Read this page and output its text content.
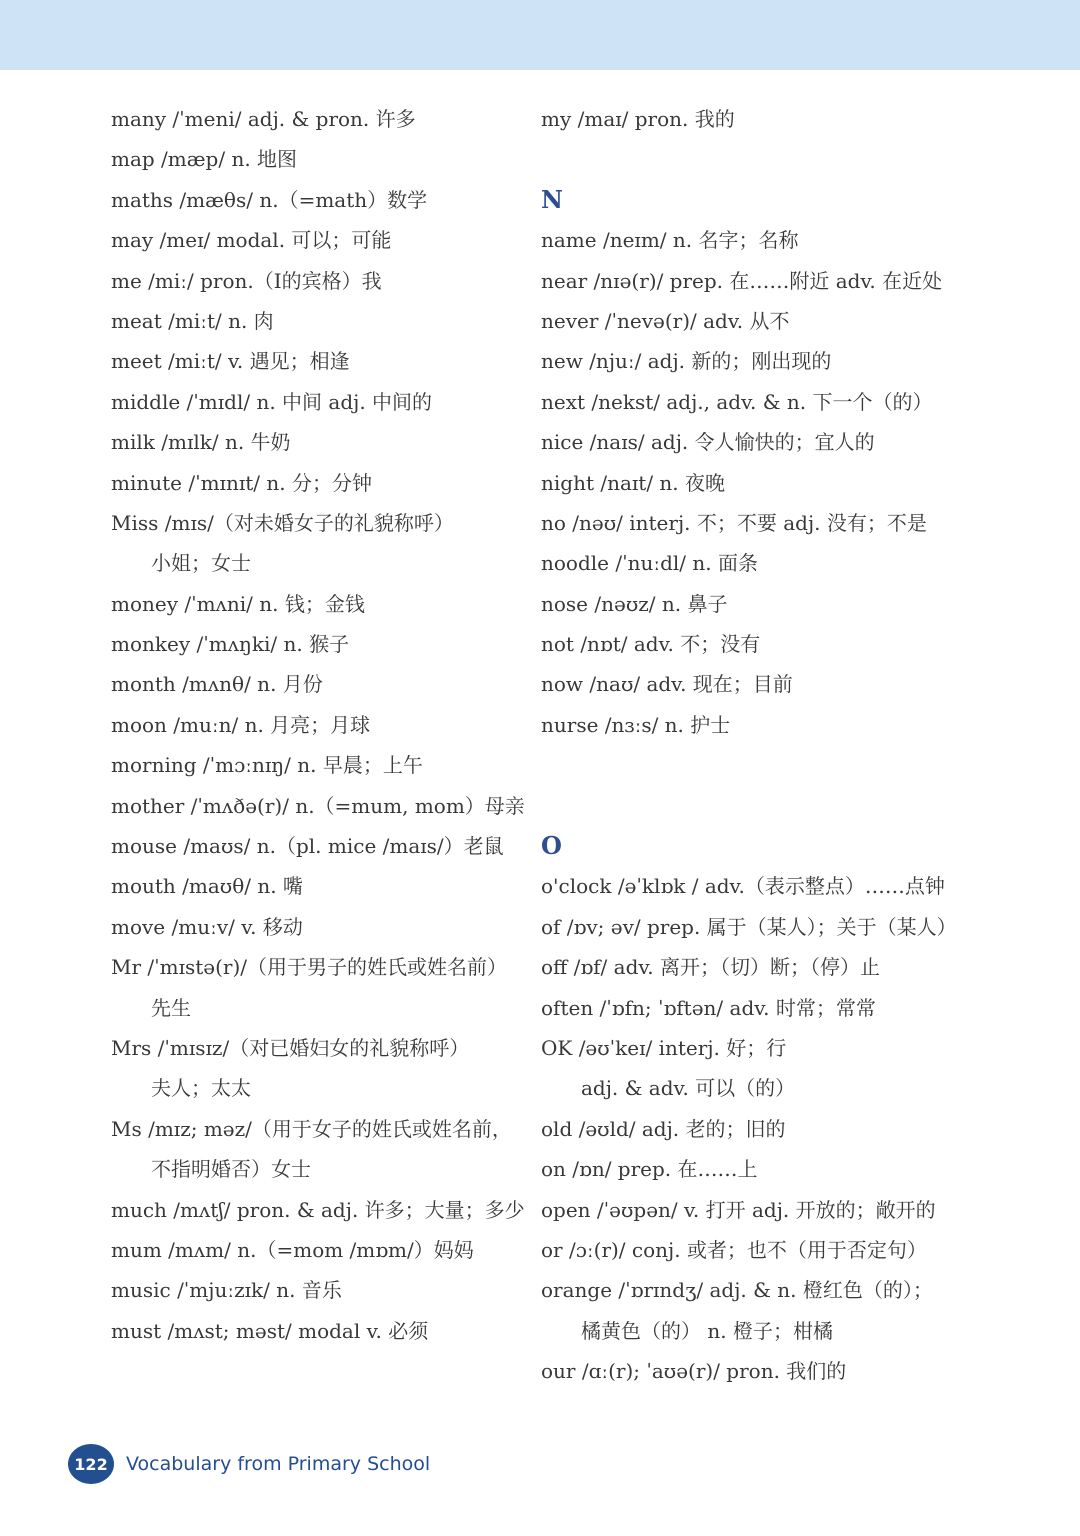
many /ˈmeni/ adj. & pron. 许多
map /mæp/ n. 地图
maths /mæθs/ n.（=math）数学
may /meɪ/ modal. 可以；可能
me /miː/ pron.（I的宾格）我
meat /miːt/ n. 肉
meet /miːt/ v. 遇见；相逢
middle /ˈmɪdl/ n. 中间 adj. 中间的
milk /mɪlk/ n. 牛奶
minute /ˈmɪnɪt/ n. 分；分钟
Miss /mɪs/（对未婚女子的礼貌称呼）
小姐；女士
money /ˈmʌni/ n. 钱；金钱
monkey /ˈmʌŋki/ n. 猴子
month /mʌnθ/ n. 月份
moon /muːn/ n. 月亮；月球
morning /ˈmɔːnɪŋ/ n. 早晨；上午
mother /ˈmʌðə(r)/ n.（=mum, mom）母亲
mouse /maʊs/ n.（pl. mice /maɪs/）老鼠
mouth /maʊθ/ n. 嘴
move /muːv/ v. 移动
Mr /ˈmɪstə(r)/（用于男子的姓氏或姓名前）
先生
Mrs /ˈmɪsɪz/（对已婚妇女的礼貌称呼）
夫人；太太
Ms /mɪz; məz/（用于女子的姓氏或姓名前，
不指明婚否）女士
much /mʌtʃ/ pron. & adj. 许多；大量；多少
mum /mʌm/ n.（=mom /mɒm/）妈妈
music /ˈmjuːzɪk/ n. 音乐
must /mʌst; məst/ modal v. 必须
my /maɪ/ pron. 我的
N
name /neɪm/ n. 名字；名称
near /nɪə(r)/ prep. 在……附近 adv. 在近处
never /ˈnevə(r)/ adv. 从不
new /njuː/ adj. 新的；刚出现的
next /nekst/ adj., adv. & n. 下一个（的）
nice /naɪs/ adj. 令人愉快的；宜人的
night /naɪt/ n. 夜晚
no /nəʊ/ interj. 不；不要 adj. 没有；不是
noodle /ˈnuːdl/ n. 面条
nose /nəʊz/ n. 鼻子
not /nɒt/ adv. 不；没有
now /naʊ/ adv. 现在；目前
nurse /nɜːs/ n. 护士
O
o'clock /əˈklɒk / adv.（表示整点）……点钟
of /ɒv; əv/ prep. 属于（某人）；关于（某人）
off /ɒf/ adv. 离开；（切）断；（停）止
often /ˈɒfn; ˈɒftən/ adv. 时常；常常
OK /əʊˈkeɪ/ interj. 好；行
adj. & adv. 可以（的）
old /əʊld/ adj. 老的；旧的
on /ɒn/ prep. 在……上
open /ˈəʊpən/ v. 打开 adj. 开放的；敞开的
or /ɔː(r)/ conj. 或者；也不（用于否定句）
orange /ˈɒrɪndʒ/ adj. & n. 橙红色（的）；
橘黄色（的） n. 橙子；柑橘
our /ɑː(r); ˈaʊə(r)/ pron. 我们的
122 Vocabulary from Primary School
